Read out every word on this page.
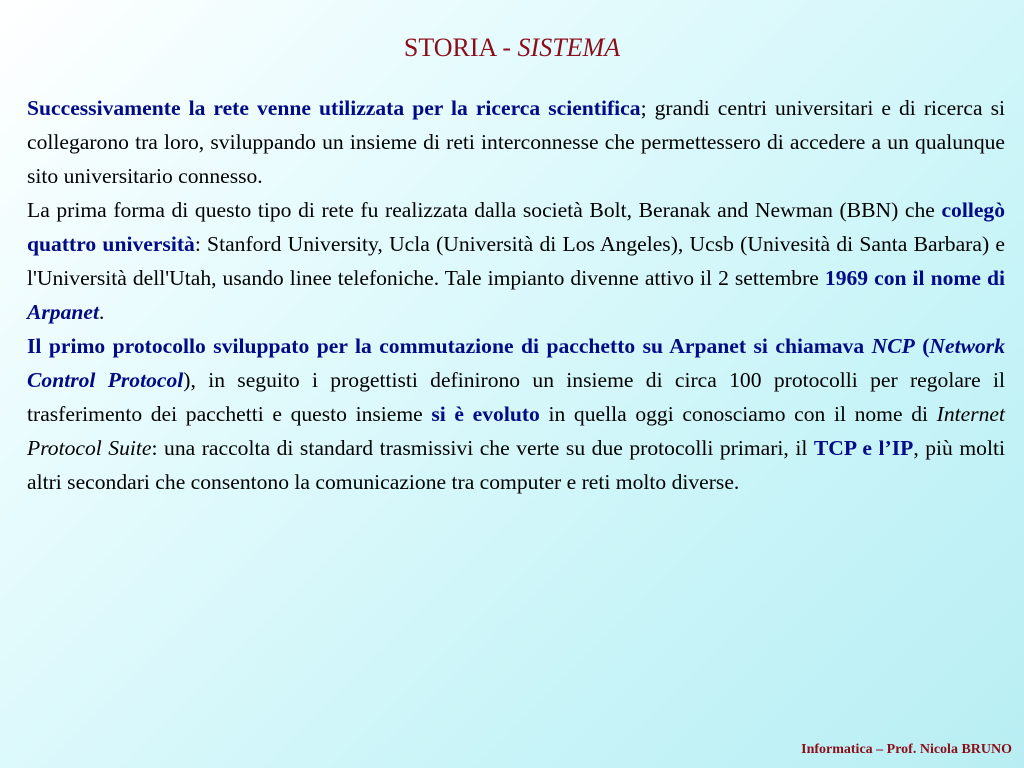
STORIA - SISTEMA

Successivamente la rete venne utilizzata per la ricerca scientifica; grandi centri universitari e di ricerca si collegarono tra loro, sviluppando un insieme di reti interconnesse che permettessero di accedere a un qualunque sito universitario connesso.

La prima forma di questo tipo di rete fu realizzata dalla società Bolt, Beranak and Newman (BBN) che collegò quattro università: Stanford University, Ucla (Università di Los Angeles), Ucsb (Univesità di Santa Barbara) e l'Università dell'Utah, usando linee telefoniche. Tale impianto divenne attivo il 2 settembre 1969 con il nome di Arpanet.

Il primo protocollo sviluppato per la commutazione di pacchetto su Arpanet si chiamava NCP (Network Control Protocol), in seguito i progettisti definirono un insieme di circa 100 protocolli per regolare il trasferimento dei pacchetti e questo insieme si è evoluto in quella oggi conosciamo con il nome di Internet Protocol Suite: una raccolta di standard trasmissivi che verte su due protocolli primari, il TCP e l’IP, più molti altri secondari che consentono la comunicazione tra computer e reti molto diverse.

Informatica – Prof. Nicola BRUNO
